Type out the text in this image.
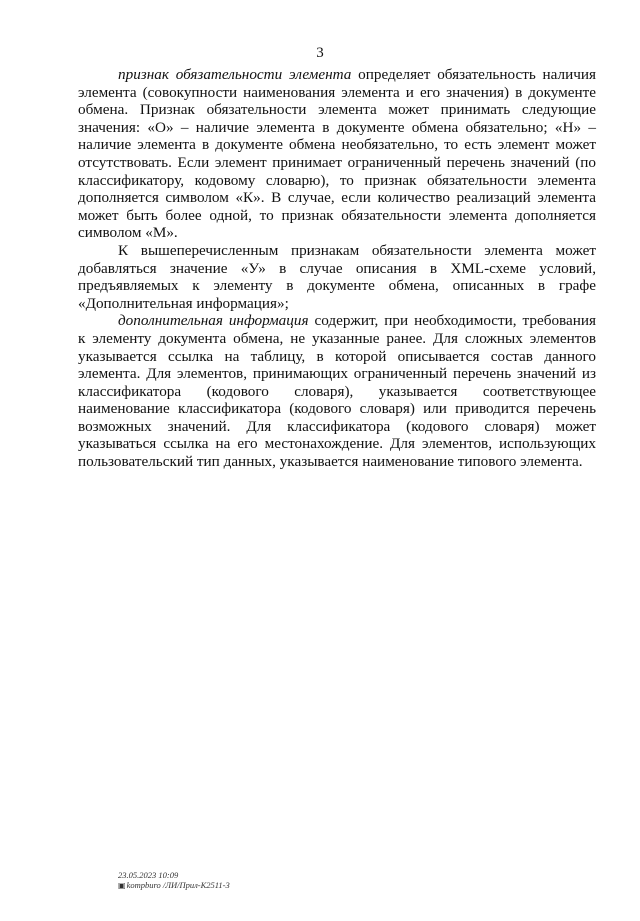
3

признак обязательности элемента определяет обязательность наличия элемента (совокупности наименования элемента и его значения) в документе обмена. Признак обязательности элемента может принимать следующие значения: «О» – наличие элемента в документе обмена обязательно; «Н» – наличие элемента в документе обмена необязательно, то есть элемент может отсутствовать. Если элемент принимает ограниченный перечень значений (по классификатору, кодовому словарю), то признак обязательности элемента дополняется символом «К». В случае, если количество реализаций элемента может быть более одной, то признак обязательности элемента дополняется символом «М».

К вышеперечисленным признакам обязательности элемента может добавляться значение «У» в случае описания в XML-схеме условий, предъявляемых к элементу в документе обмена, описанных в графе «Дополнительная информация»;

дополнительная информация содержит, при необходимости, требования к элементу документа обмена, не указанные ранее. Для сложных элементов указывается ссылка на таблицу, в которой описывается состав данного элемента. Для элементов, принимающих ограниченный перечень значений из классификатора (кодового словаря), указывается соответствующее наименование классификатора (кодового словаря) или приводится перечень возможных значений. Для классификатора (кодового словаря) может указываться ссылка на его местонахождение. Для элементов, использующих пользовательский тип данных, указывается наименование типового элемента.

23.05.2023 10:09
▣kompburo /ЛИ/Прил-К2511-3
